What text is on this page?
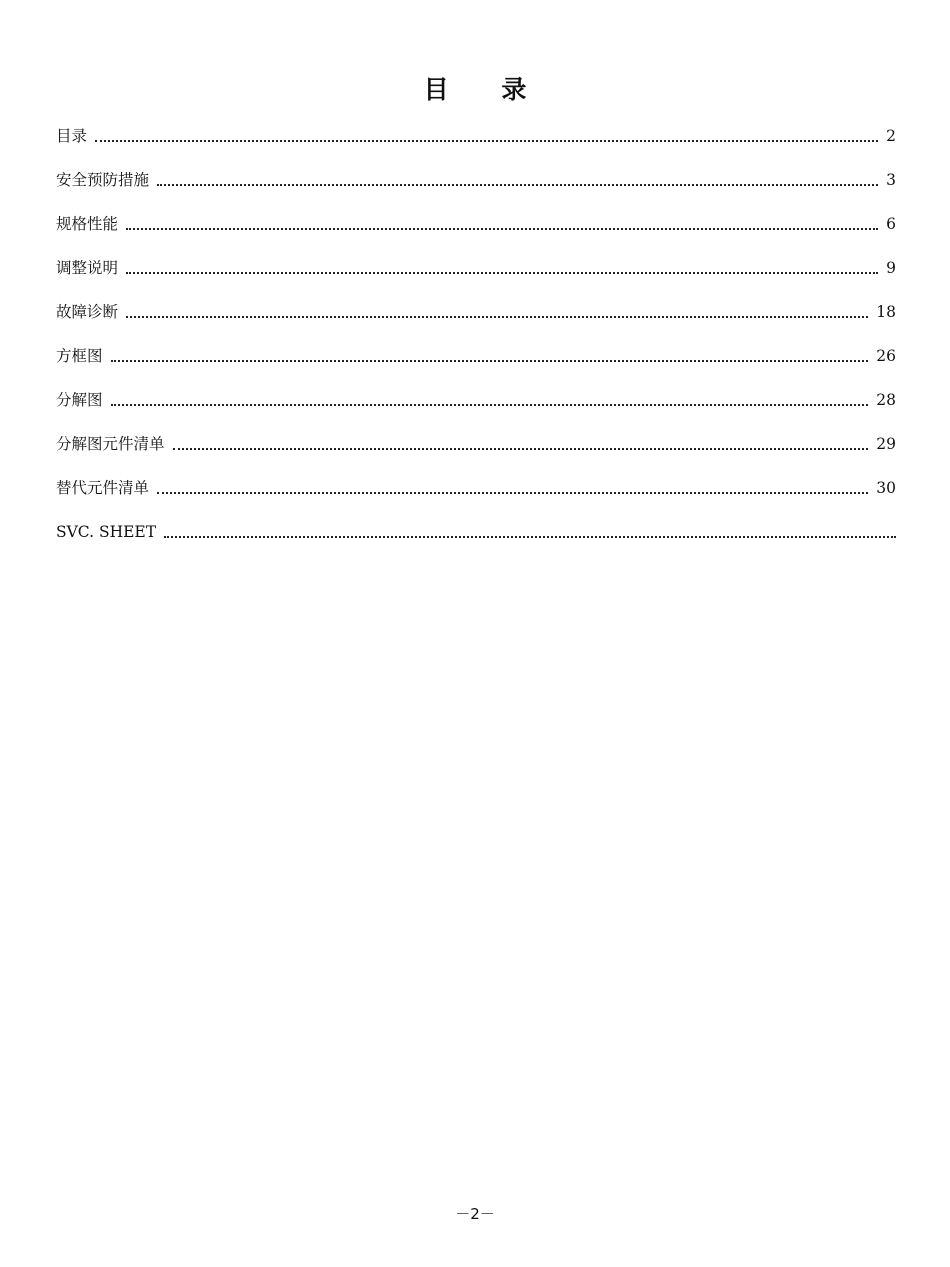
目 录
目录	2
安全预防措施	3
规格性能	6
调整说明	9
故障诊断	18
方框图	26
分解图	28
分解图元件清单	29
替代元件清单	30
SVC. SHEET
－2－
